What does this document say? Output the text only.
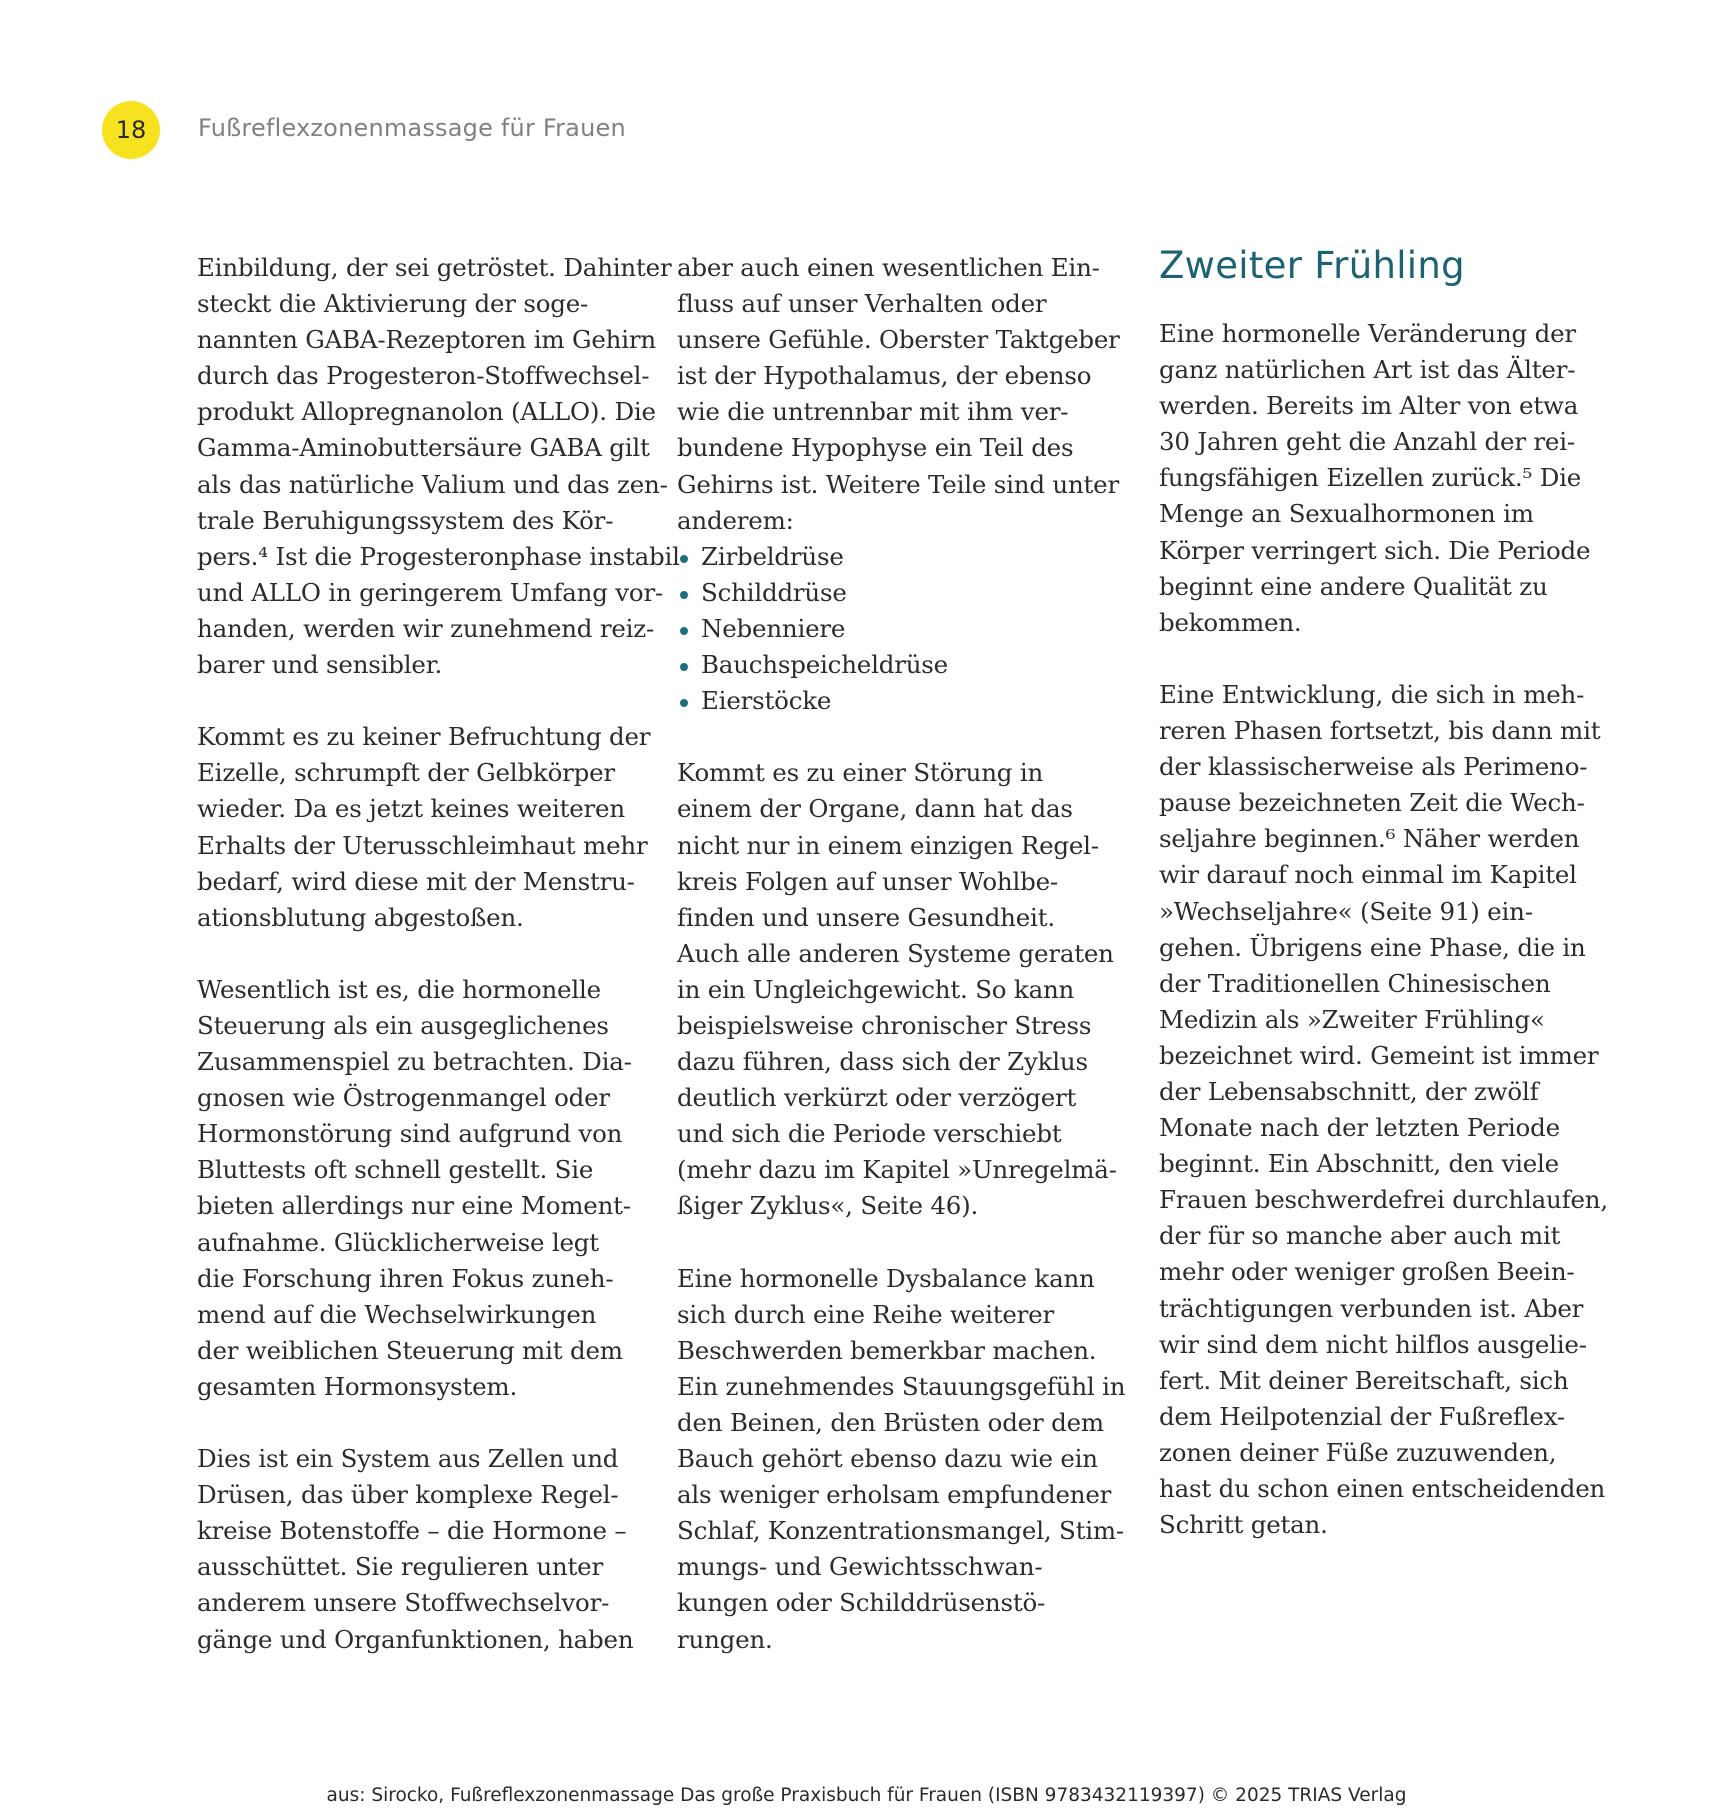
18 Fußreflexzonenmassage für Frauen
Einbildung, der sei getröstet. Dahinter
steckt die Aktivierung der soge-
nannten GABA-Rezeptoren im Gehirn
durch das Progesteron-Stoffwechsel-
produkt Allopregnanolon (ALLO). Die
Gamma-Aminobuttersäure GABA gilt
als das natürliche Valium und das zen-
trale Beruhigungssystem des Kör-
pers.⁴ Ist die Progesteronphase instabil
und ALLO in geringerem Umfang vor-
handen, werden wir zunehmend reiz-
barer und sensibler.
Kommt es zu keiner Befruchtung der
Eizelle, schrumpft der Gelbkörper
wieder. Da es jetzt keines weiteren
Erhalts der Uterusschleimhaut mehr
bedarf, wird diese mit der Menstru-
ationsblutung abgestoßen.
Wesentlich ist es, die hormonelle
Steuerung als ein ausgeglichenes
Zusammenspiel zu betrachten. Dia-
gnosen wie Östrogenmangel oder
Hormonstörung sind aufgrund von
Bluttests oft schnell gestellt. Sie
bieten allerdings nur eine Moment-
aufnahme. Glücklicherweise legt
die Forschung ihren Fokus zuneh-
mend auf die Wechselwirkungen
der weiblichen Steuerung mit dem
gesamten Hormonsystem.
Dies ist ein System aus Zellen und
Drüsen, das über komplexe Regel-
kreise Botenstoffe – die Hormone –
ausschüttet. Sie regulieren unter
anderem unsere Stoffwechselvor-
gänge und Organfunktionen, haben
aber auch einen wesentlichen Ein-
fluss auf unser Verhalten oder
unsere Gefühle. Oberster Taktgeber
ist der Hypothalamus, der ebenso
wie die untrennbar mit ihm ver-
bundene Hypophyse ein Teil des
Gehirns ist. Weitere Teile sind unter
anderem:
Zirbeldrüse
Schilddrüse
Nebenniere
Bauchspeicheldrüse
Eierstöcke
Kommt es zu einer Störung in
einem der Organe, dann hat das
nicht nur in einem einzigen Regel-
kreis Folgen auf unser Wohlbe-
finden und unsere Gesundheit.
Auch alle anderen Systeme geraten
in ein Ungleichgewicht. So kann
beispielsweise chronischer Stress
dazu führen, dass sich der Zyklus
deutlich verkürzt oder verzögert
und sich die Periode verschiebt
(mehr dazu im Kapitel »Unregelmä-
ßiger Zyklus«, Seite 46).
Eine hormonelle Dysbalance kann
sich durch eine Reihe weiterer
Beschwerden bemerkbar machen.
Ein zunehmendes Stauungsgefühl in
den Beinen, den Brüsten oder dem
Bauch gehört ebenso dazu wie ein
als weniger erholsam empfundener
Schlaf, Konzentrationsmangel, Stim-
mungs- und Gewichtsschwan-
kungen oder Schilddrüsenstö-
rungen.
Zweiter Frühling
Eine hormonelle Veränderung der
ganz natürlichen Art ist das Älter-
werden. Bereits im Alter von etwa
30 Jahren geht die Anzahl der rei-
fungsfähigen Eizellen zurück.⁵ Die
Menge an Sexualhormonen im
Körper verringert sich. Die Periode
beginnt eine andere Qualität zu
bekommen.
Eine Entwicklung, die sich in meh-
reren Phasen fortsetzt, bis dann mit
der klassischerweise als Perimeno-
pause bezeichneten Zeit die Wech-
seljahre beginnen.⁶ Näher werden
wir darauf noch einmal im Kapitel
»Wechseljahre« (Seite 91) ein-
gehen. Übrigens eine Phase, die in
der Traditionellen Chinesischen
Medizin als »Zweiter Frühling«
bezeichnet wird. Gemeint ist immer
der Lebensabschnitt, der zwölf
Monate nach der letzten Periode
beginnt. Ein Abschnitt, den viele
Frauen beschwerdefrei durchlaufen,
der für so manche aber auch mit
mehr oder weniger großen Beein-
trächtigungen verbunden ist. Aber
wir sind dem nicht hilflos ausgelie-
fert. Mit deiner Bereitschaft, sich
dem Heilpotenzial der Fußreflex-
zonen deiner Füße zuzuwenden,
hast du schon einen entscheidenden
Schritt getan.
aus: Sirocko, Fußreflexzonenmassage Das große Praxisbuch für Frauen (ISBN 9783432119397) © 2025 TRIAS Verlag
